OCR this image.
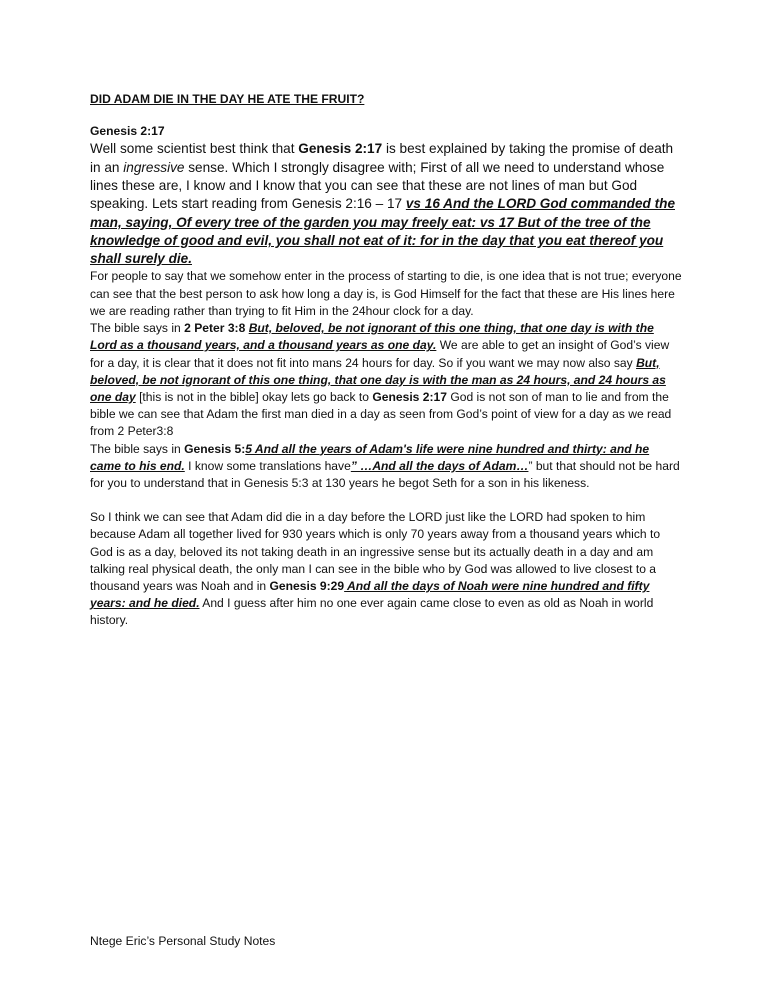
DID ADAM DIE IN THE DAY HE ATE THE FRUIT?

Genesis 2:17

Well some scientist best think that Genesis 2:17 is best explained by taking the promise of death in an ingressive sense. Which I strongly disagree with; First of all we need to understand whose lines these are, I know and I know that you can see that these are not lines of man but God speaking. Lets start reading from Genesis 2:16 – 17 vs 16 And the LORD God commanded the man, saying, Of every tree of the garden you may freely eat: vs 17 But of the tree of the knowledge of good and evil, you shall not eat of it: for in the day that you eat thereof you shall surely die.

For people to say that we somehow enter in the process of starting to die, is one idea that is not true; everyone can see that the best person to ask how long a day is, is God Himself for the fact that these are His lines here we are reading rather than trying to fit Him in the 24hour clock for a day.

The bible says in 2 Peter 3:8 But, beloved, be not ignorant of this one thing, that one day is with the Lord as a thousand years, and a thousand years as one day. We are able to get an insight of God’s view for a day, it is clear that it does not fit into mans 24 hours for day. So if you want we may now also say But, beloved, be not ignorant of this one thing, that one day is with the man as 24 hours, and 24 hours as one day [this is not in the bible] okay lets go back to Genesis 2:17 God is not son of man to lie and from the bible we can see that Adam the first man died in a day as seen from God’s point of view for a day as we read from 2 Peter3:8

The bible says in Genesis 5:5 And all the years of Adam's life were nine hundred and thirty: and he came to his end. I know some translations have” …And all the days of Adam…” but that should not be hard for you to understand that in Genesis 5:3 at 130 years he begot Seth for a son in his likeness.

So I think we can see that Adam did die in a day before the LORD just like the LORD had spoken to him because Adam all together lived for 930 years which is only 70 years away from a thousand years which to God is as a day, beloved its not taking death in an ingressive sense but its actually death in a day and am talking real physical death, the only man I can see in the bible who by God was allowed to live closest to a thousand years was Noah and in Genesis 9:29 And all the days of Noah were nine hundred and fifty years: and he died. And I guess after him no one ever again came close to even as old as Noah in world history.

Ntege Eric’s Personal Study Notes
